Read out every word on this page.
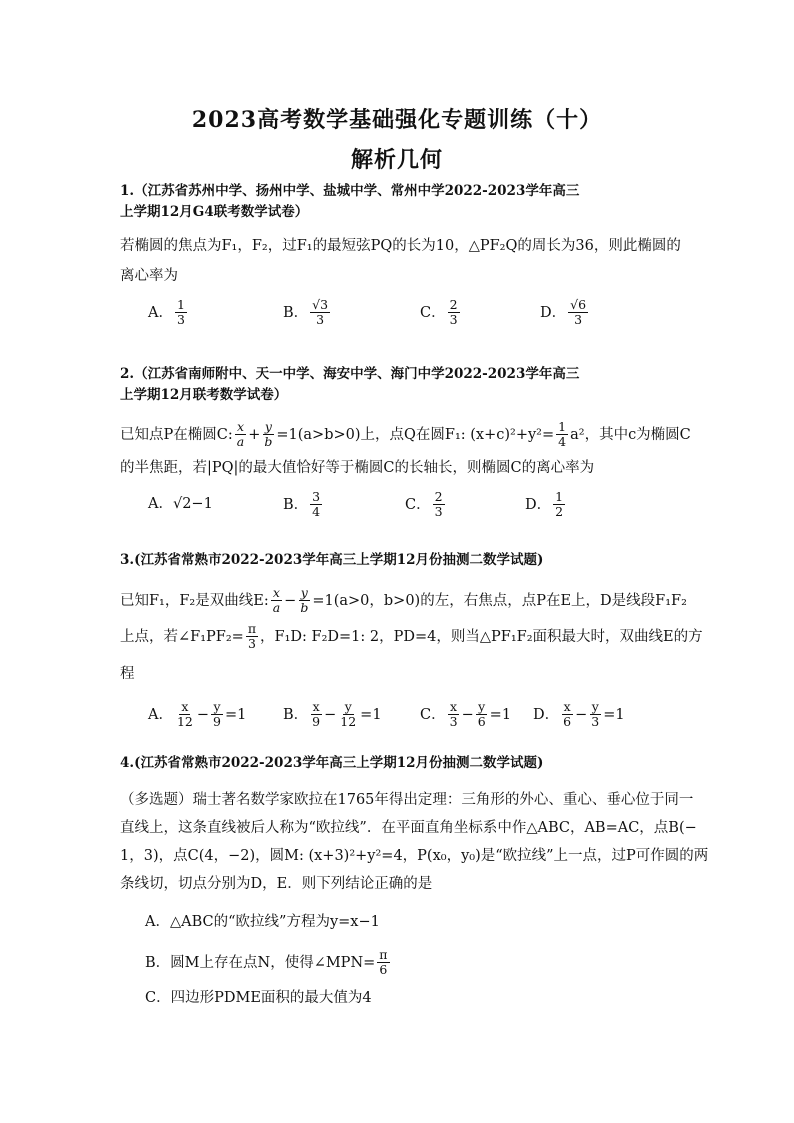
2023高考数学基础强化专题训练（十）
解析几何
1.（江苏省苏州中学、扬州中学、盐城中学、常州中学2022-2023学年高三
上学期12月G4联考数学试卷）
若椭圆的焦点为F₁，F₂，过F₁的最短弦PQ的长为10，△PF₂Q的周长为36，则此椭圆的
离心率为
A． $\frac{1}{3}$	B． $\frac{√3}{3}$	C． $\frac{2}{3}$	D． $\frac{√6}{3}$
2.（江苏省南师附中、天一中学、海安中学、海门中学2022-2023学年高三
上学期12月联考数学试卷）
已知点P在椭圆C: $\frac{x}{a} + \frac{y}{b} =1(a>b>0)$上，点Q在圆F₁: $(x+c)^2+y^2= \frac{1}{4} a^2$，其中c为椭圆C
的半焦距，若|PQ|的最大值恰好等于椭圆C的长轴长，则椭圆C的离心率为
A．√2−1	B． $\frac{3}{4}$	C． $\frac{2}{3}$	D． $\frac{1}{2}$
3.(江苏省常熟市2022-2023学年高三上学期12月份抽测二数学试题)
已知F₁，F₂是双曲线E: $\frac{x}{a} - \frac{y}{b} =1(a>0$，b>0)的左，右焦点，点P在E上，D是线段F₁F₂
上点，若∠F₁PF₂= $\frac{\pi}{3}$ ，F₁D: F₂D=1: 2，PD=4，则当△PF₁F₂面积最大时，双曲线E的方
程
A． $\frac{x}{12} - \frac{y}{9} =1$	B． $\frac{x}{9} - \frac{y}{12} =1$	C． $\frac{x}{3} - \frac{y}{6} =1$ D． $\frac{x}{6} - \frac{y}{3} =1$
4.(江苏省常熟市2022-2023学年高三上学期12月份抽测二数学试题)
（多选题）瑞士著名数学家欧拉在1765年得出定理：三角形的外心、重心、垂心位于同一
直线上，这条直线被后人称为“欧拉线”．在平面直角坐标系中作△ABC，AB=AC，点B(−
1，3)，点C(4，−2)，圆M: (x+3)²+y²=4，P(x₀，y₀)是“欧拉线”上一点，过P可作圆的两
条线切，切点分别为D，E．则下列结论正确的是
A．△ABC的“欧拉线”方程为y=x−1
B．圆M上存在点N，使得∠MPN= $\frac{\pi}{6}$
C．四边形PDME面积的最大值为4
